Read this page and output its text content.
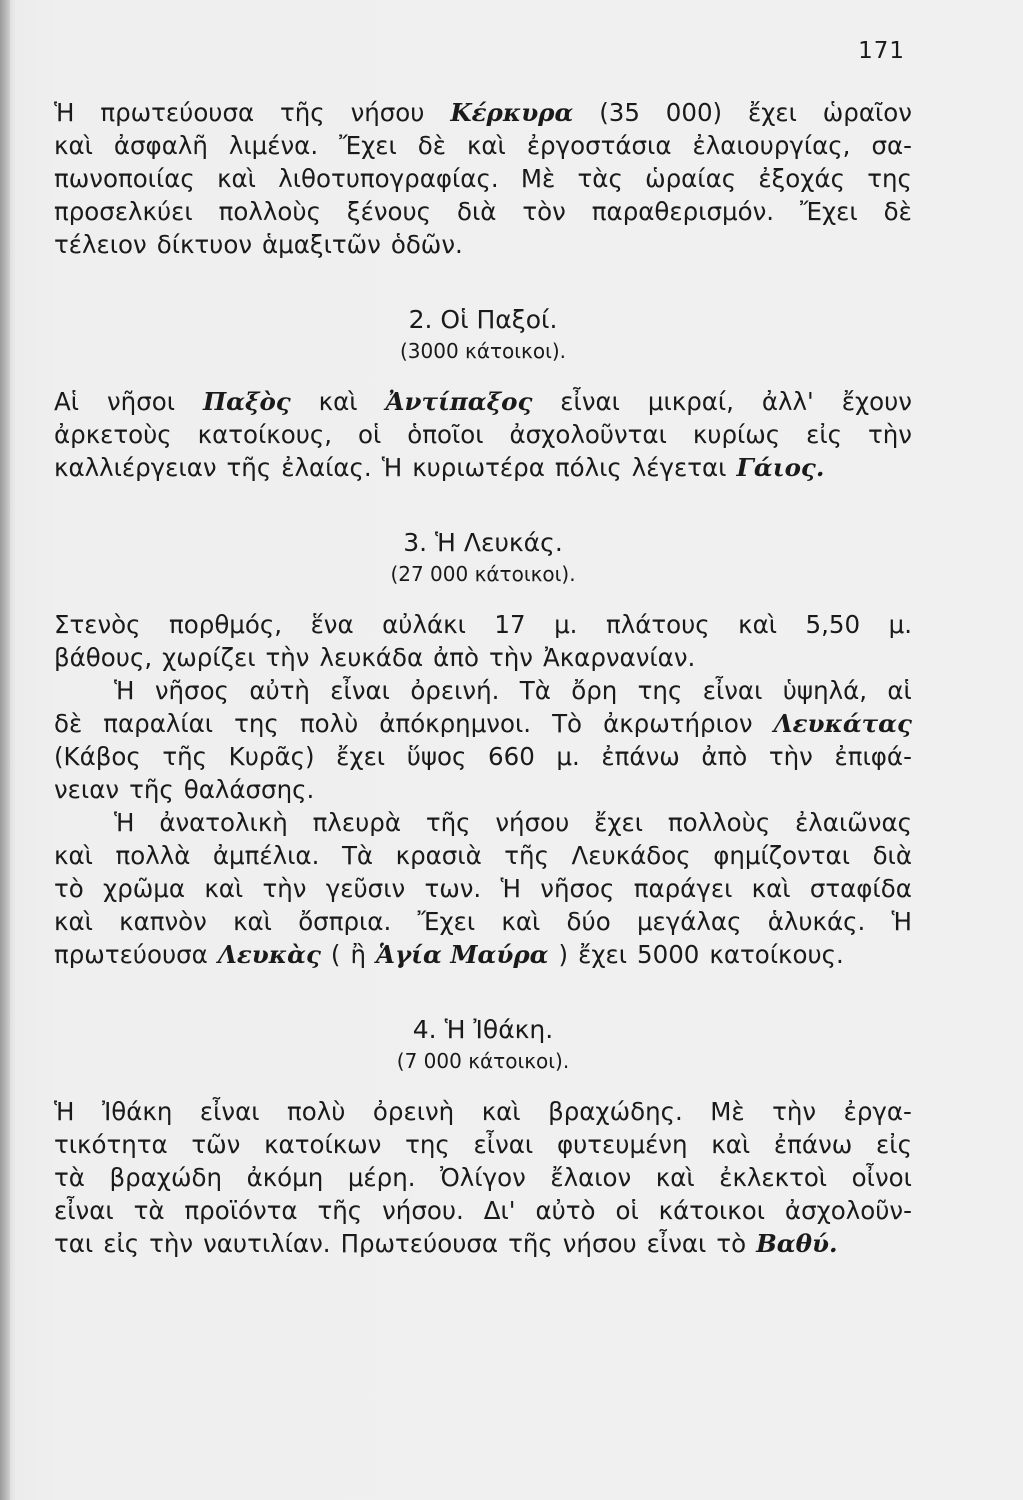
171
Ἡ πρωτεύουσα τῆς νήσου Κέρκυρα (35 000) ἔχει ὡραῖον
καὶ ἀσφαλῆ λιμένα. Ἔχει δὲ καὶ ἐργοστάσια ἐλαιουργίας, σα-
πωνοποιίας καὶ λιθοτυπογραφίας. Μὲ τὰς ὡραίας ἐξοχάς της
προσελκύει πολλοὺς ξένους διὰ τὸν παραθερισμόν. Ἔχει δὲ
τέλειον δίκτυον ἁμαξιτῶν ὁδῶν.
2. Οἱ Παξοί.
(3000 κάτοικοι).
Αἱ νῆσοι Παξὸς καὶ Ἀντίπαξος εἶναι μικραί, ἀλλ' ἔχουν
ἀρκετοὺς κατοίκους, οἱ ὁποῖοι ἀσχολοῦνται κυρίως εἰς τὴν
καλλιέργειαν τῆς ἐλαίας. Ἡ κυριωτέρα πόλις λέγεται Γάιος.
3. Ἡ Λευκάς.
(27 000 κάτοικοι).
Στενὸς πορθμός, ἕνα αὐλάκι 17 μ. πλάτους καὶ 5,50 μ.
βάθους, χωρίζει τὴν λευκάδα ἀπὸ τὴν Ἀκαρνανίαν.
Ἡ νῆσος αὐτὴ εἶναι ὀρεινή. Τὰ ὄρη της εἶναι ὑψηλά, αἱ
δὲ παραλίαι της πολὺ ἀπόκρημνοι. Τὸ ἀκρωτήριον Λευκάτας
(Κάβος τῆς Κυρᾶς) ἔχει ὕψος 660 μ. ἐπάνω ἀπὸ τὴν ἐπιφά-
νειαν τῆς θαλάσσης.
Ἡ ἀνατολικὴ πλευρὰ τῆς νήσου ἔχει πολλοὺς ἐλαιῶνας
καὶ πολλὰ ἀμπέλια. Τὰ κρασιὰ τῆς Λευκάδος φημίζονται διὰ
τὸ χρῶμα καὶ τὴν γεῦσιν των. Ἡ νῆσος παράγει καὶ σταφίδα
καὶ καπνὸν καὶ ὄσπρια. Ἔχει καὶ δύο μεγάλας ἁλυκάς. Ἡ
πρωτεύουσα Λευκὰς ( ἢ Ἁγία Μαύρα ) ἔχει 5000 κατοίκους.
4. Ἡ Ἰθάκη.
(7 000 κάτοικοι).
Ἡ Ἰθάκη εἶναι πολὺ ὀρεινὴ καὶ βραχώδης. Μὲ τὴν ἐργα-
τικότητα τῶν κατοίκων της εἶναι φυτευμένη καὶ ἐπάνω εἰς
τὰ βραχώδη ἀκόμη μέρη. Ὀλίγον ἔλαιον καὶ ἐκλεκτοὶ οἶνοι
εἶναι τὰ προϊόντα τῆς νήσου. Δι' αὐτὸ οἱ κάτοικοι ἀσχολοῦν-
ται εἰς τὴν ναυτιλίαν. Πρωτεύουσα τῆς νήσου εἶναι τὸ Βαθύ.
